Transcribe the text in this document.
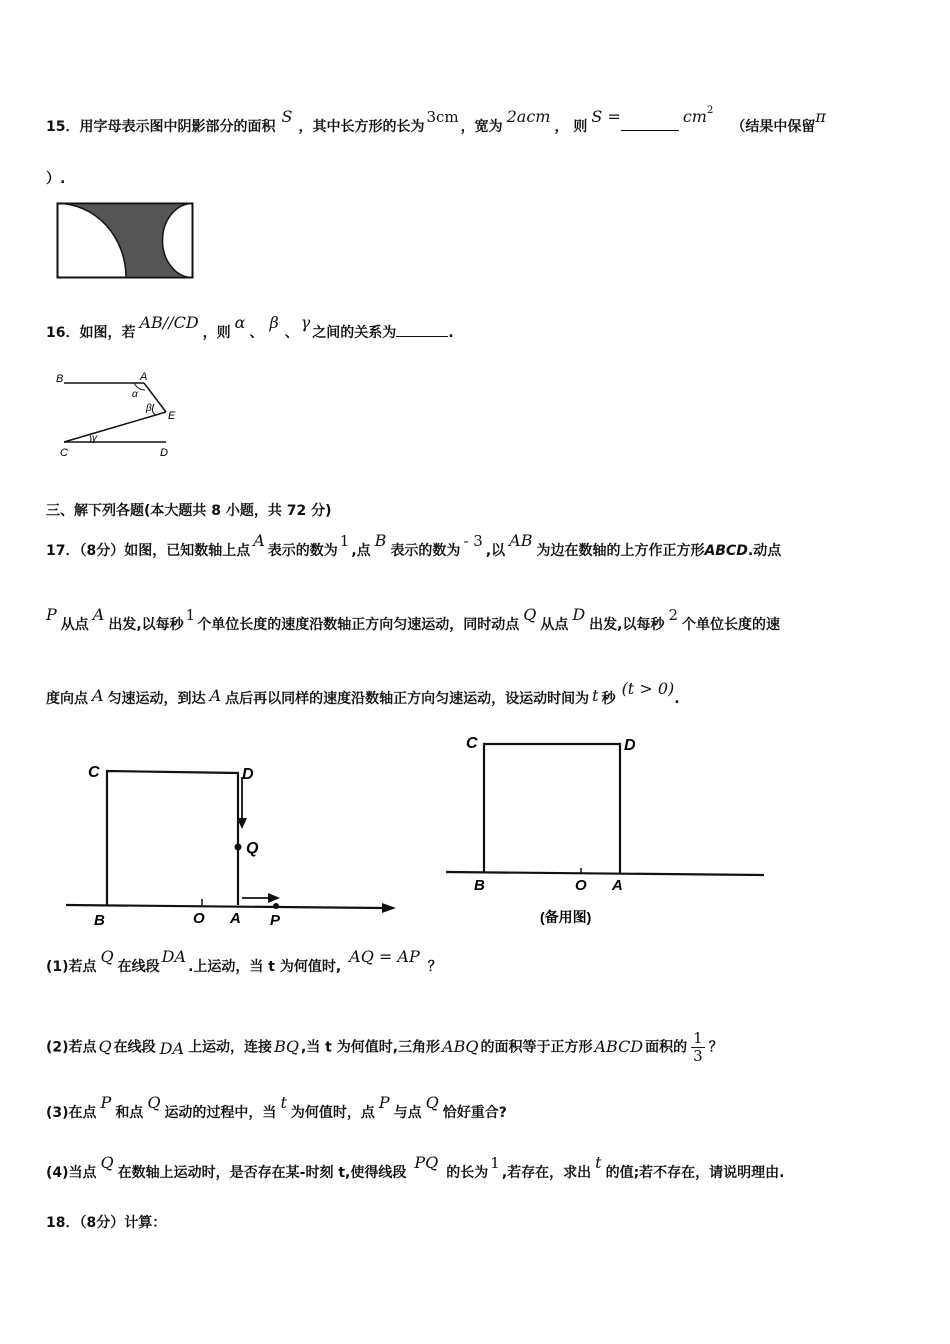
15．用字母表示图中阴影部分的面积S，其中长方形的长为3cm，宽为2acm， 则S =	$cm^2$（结果中保留π
）.
16．如图，若AB//CD，则α、β、γ之间的关系为	.
B	A
E
C	D
α
β
γ
三、解下列各题(本大题共 8 小题，共 72 分)
17．（8分）如图，已知数轴上点A表示的数为1,点B表示的数为- 3,以AB为边在数轴的上方作正方形ABCD.动点
P从点A出发,以每秒1个单位长度的速度沿数轴正方向匀速运动，同时动点Q从点D出发,以每秒2个单位长度的速
度向点 A 匀速运动，到达 A 点后再以同样的速度沿数轴正方向匀速运动，设运动时间为 t 秒(t > 0).
C	D
Q
B	O A P
C	D
B	O A
(备用图)
(1)若点Q在线段DA.上运动，当 t 为何值时,AQ = AP？
(2)若点 Q 在线段 DA 上运动，连接 BQ ,当 t 为何值时,三角形 ABQ 的面积等于正方形 ABCD 面积的 $\frac{1}{3}$ ？
(3)在点P和点Q运动的过程中，当t为何值时，点P与点Q恰好重合?
(4)当点Q在数轴上运动时，是否存在某-时刻 t,使得线段PQ的长为1,若存在，求出t的值;若不存在，请说明理由.
18．（8分）计算：
